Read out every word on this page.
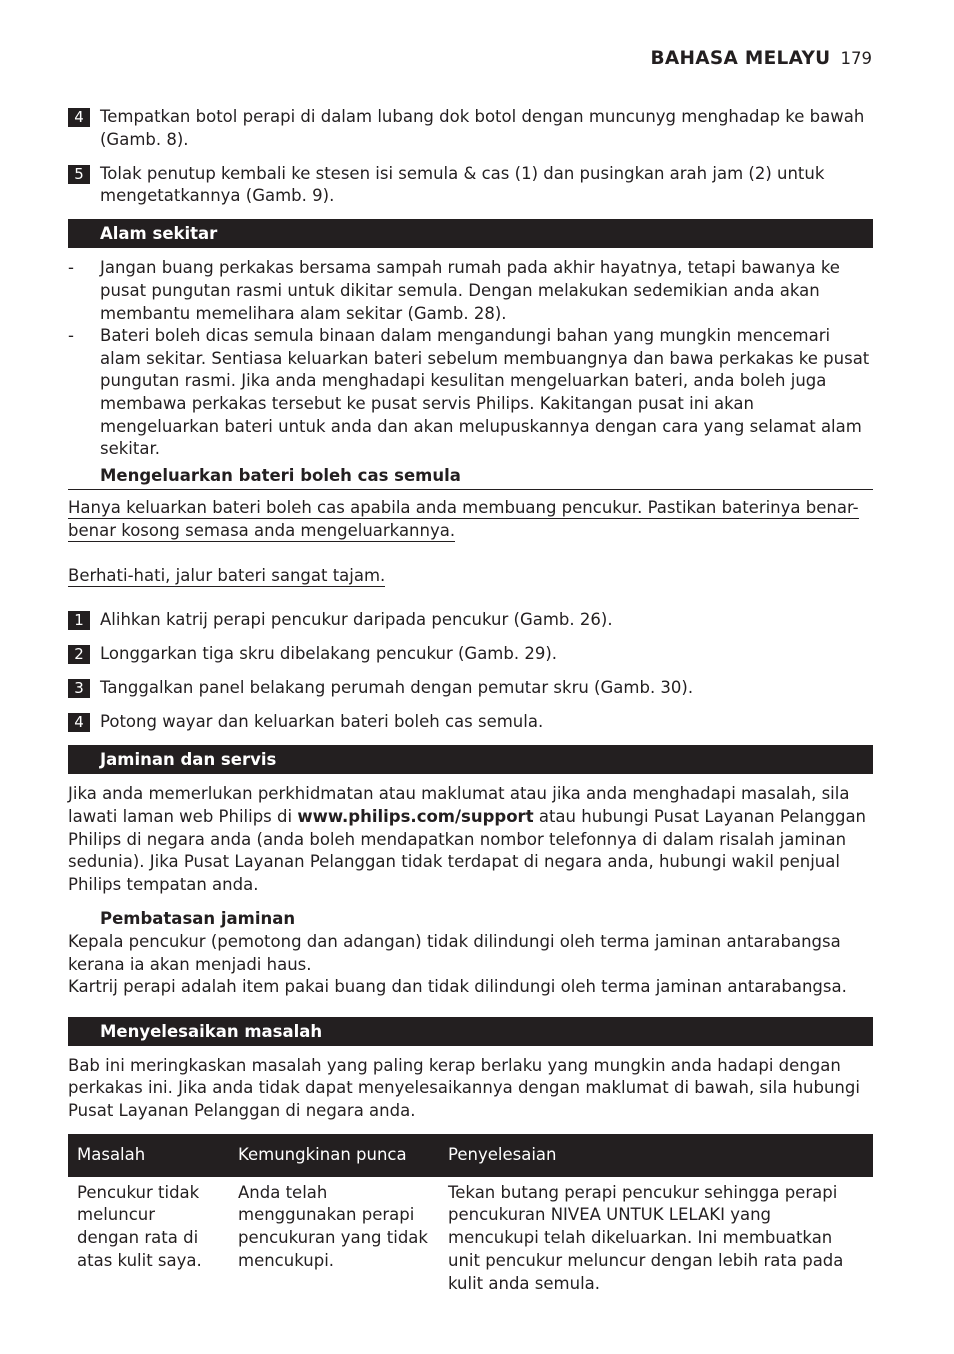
BAHASA MELAYU 179
4 Tempatkan botol perapi di dalam lubang dok botol dengan muncunyg menghadap ke bawah (Gamb. 8).
5 Tolak penutup kembali ke stesen isi semula & cas (1) dan pusingkan arah jam (2) untuk mengetatkannya (Gamb. 9).
Alam sekitar
-	Jangan buang perkakas bersama sampah rumah pada akhir hayatnya, tetapi bawanya ke pusat pungutan rasmi untuk dikitar semula. Dengan melakukan sedemikian anda akan membantu memelihara alam sekitar (Gamb. 28).
-	Bateri boleh dicas semula binaan dalam mengandungi bahan yang mungkin mencemari alam sekitar. Sentiasa keluarkan bateri sebelum membuangnya dan bawa perkakas ke pusat pungutan rasmi. Jika anda menghadapi kesulitan mengeluarkan bateri, anda boleh juga membawa perkakas tersebut ke pusat servis Philips. Kakitangan pusat ini akan mengeluarkan bateri untuk anda dan akan melupuskannya dengan cara yang selamat alam sekitar.
Mengeluarkan bateri boleh cas semula
Hanya keluarkan bateri boleh cas apabila anda membuang pencukur. Pastikan baterinya benar-benar kosong semasa anda mengeluarkannya.
Berhati-hati, jalur bateri sangat tajam.
1 Alihkan katrij perapi pencukur daripada pencukur (Gamb. 26).
2 Longgarkan tiga skru dibelakang pencukur (Gamb. 29).
3 Tanggalkan panel belakang perumah dengan pemutar skru (Gamb. 30).
4 Potong wayar dan keluarkan bateri boleh cas semula.
Jaminan dan servis

Jika anda memerlukan perkhidmatan atau maklumat atau jika anda menghadapi masalah, sila lawati laman web Philips di www.philips.com/support atau hubungi Pusat Layanan Pelanggan Philips di negara anda (anda boleh mendapatkan nombor telefonnya di dalam risalah jaminan sedunia). Jika Pusat Layanan Pelanggan tidak terdapat di negara anda, hubungi wakil penjual Philips tempatan anda.

Pembatasan jaminan

Kepala pencukur (pemotong dan adangan) tidak dilindungi oleh terma jaminan antarabangsa kerana ia akan menjadi haus.

Kartrij perapi adalah item pakai buang dan tidak dilindungi oleh terma jaminan antarabangsa.

Menyelesaikan masalah

Bab ini meringkaskan masalah yang paling kerap berlaku yang mungkin anda hadapi dengan perkakas ini. Jika anda tidak dapat menyelesaikannya dengan maklumat di bawah, sila hubungi Pusat Layanan Pelanggan di negara anda.

Masalah	Kemungkinan punca	Penyelesaian
Pencukur tidak meluncur dengan rata di atas kulit saya.	Anda telah menggunakan perapi pencukuran yang tidak mencukupi.	Tekan butang perapi pencukur sehingga perapi pencukuran NIVEA UNTUK LELAKI yang mencukupi telah dikeluarkan. Ini membuatkan unit pencukur meluncur dengan lebih rata pada kulit anda semula.
